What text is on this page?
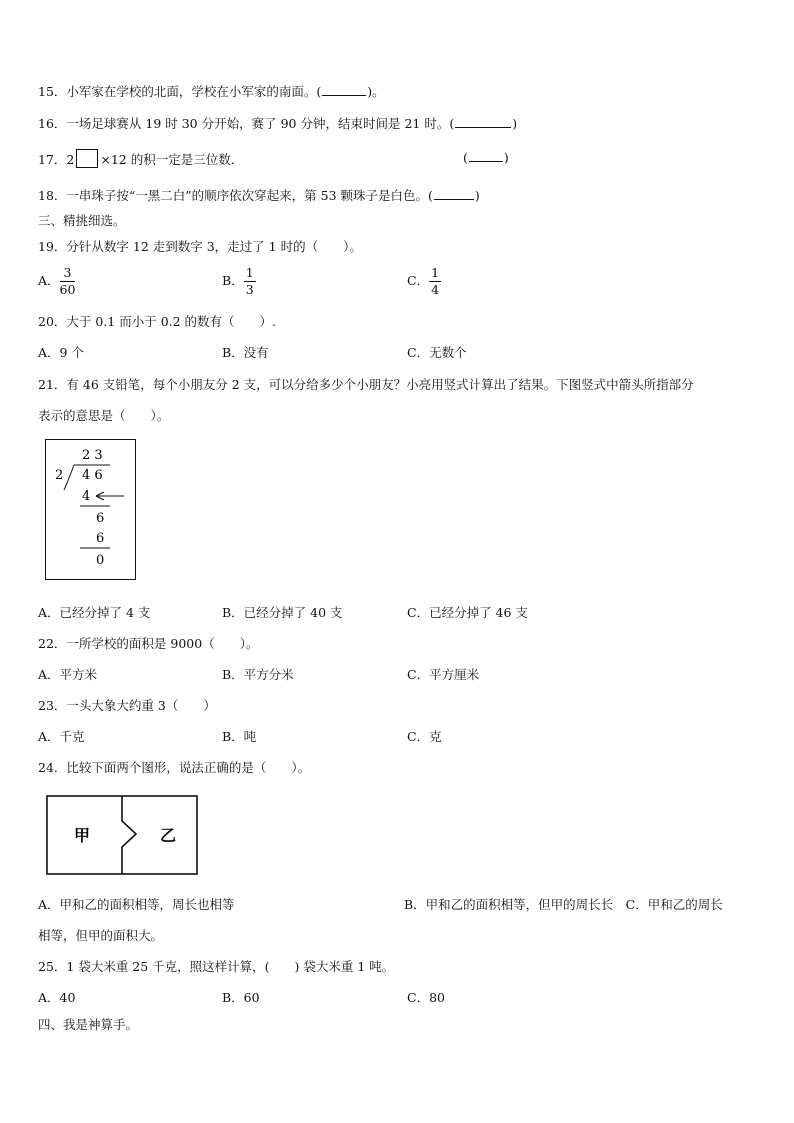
15．小军家在学校的北面，学校在小军家的南面。(	)。
16．一场足球赛从 19 时 30 分开始，赛了 90 分钟，结束时间是 21 时。(	)
17．2 ×12 的积一定是三位数．	(	)
18．一串珠子按“一黑二白”的顺序依次穿起来，第 53 颗珠子是白色。(	)
三、精挑细选。
19．分针从数字 12 走到数字 3，走过了 1 时的（　　）。
A． $\frac{3}{60}$	B． $\frac{1}{3}$	C． $\frac{1}{4}$
20．大于 0.1 而小于 0.2 的数有（　　）.
A．9 个	B．没有	C．无数个
21．有 46 支铅笔，每个小朋友分 2 支，可以分给多少个小朋友？小亮用竖式计算出了结果。下图竖式中箭头所指部分
表示的意思是（　　）。
2 3
2 4 6
4
6
6
0
A．已经分掉了 4 支	B．已经分掉了 40 支	C．已经分掉了 46 支
22．一所学校的面积是 9000（　　）。
A．平方米	B．平方分米	C．平方厘米
23．一头大象大约重 3（　　）
A．千克	B．吨	C．克
24．比较下面两个图形，说法正确的是（　　）。
甲	乙
A．甲和乙的面积相等，周长也相等	B．甲和乙的面积相等，但甲的周长长　C．甲和乙的周长
相等，但甲的面积大。
25．1 袋大米重 25 千克，照这样计算，(　　) 袋大米重 1 吨。
A．40	B．60	C．80
四、我是神算手。
